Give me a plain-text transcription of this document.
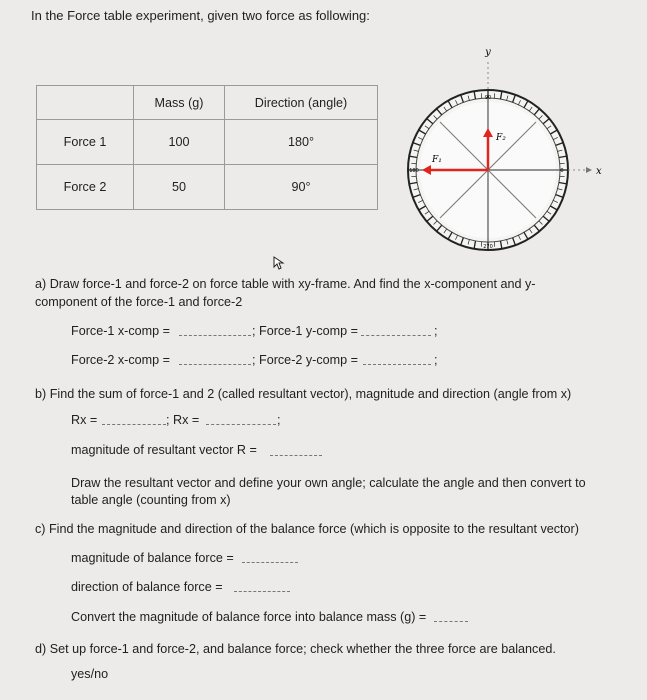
In the Force table experiment, given two force as following:
	Mass (g)	Direction (angle)
Force 1	100	180°
Force 2	50	90°
y
x
F₁
F₂
90
180
270
0
a) Draw force-1 and force-2 on force table with xy-frame. And find the x-component and y-
component of the force-1 and force-2
Force-1 x-comp =	; Force-1 y-comp =	;
Force-2 x-comp =	; Force-2 y-comp =	;
b) Find the sum of force-1 and 2 (called resultant vector), magnitude and direction (angle from x)
Rx =	; Rx =	;
magnitude of resultant vector R =
Draw the resultant vector and define your own angle; calculate the angle and then convert to
table angle (counting from x)
c) Find the magnitude and direction of the balance force (which is opposite to the resultant vector)
magnitude of balance force =
direction of balance force =
Convert the magnitude of balance force into balance mass (g) =
d) Set up force-1 and force-2, and balance force; check whether the three force are balanced.
yes/no
